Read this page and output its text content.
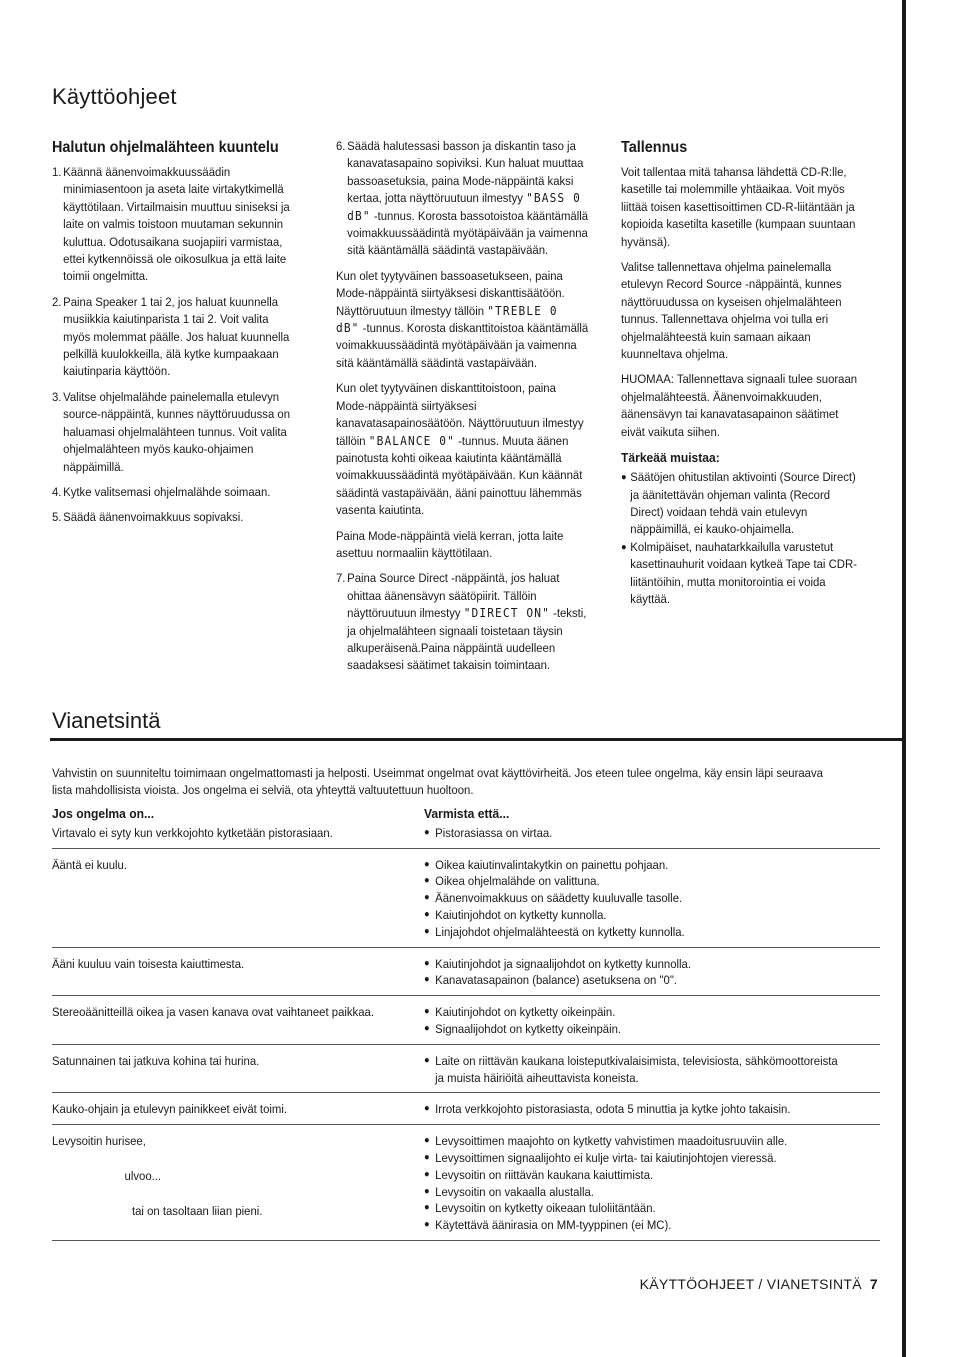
Käyttöohjeet
Halutun ohjelmalähteen kuuntelu
1. Käännä äänenvoimakkuussäädin minimiasentoon ja aseta laite virtakytkimellä käyttötilaan. Virtailmaisin muuttuu siniseksi ja laite on valmis toistoon muutaman sekunnin kuluttua. Odotusaikana suojapiiri varmistaa, ettei kytkennöissä ole oikosulkua ja että laite toimii ongelmitta.
2. Paina Speaker 1 tai 2, jos haluat kuunnella musiikkia kaiutinparista 1 tai 2. Voit valita myös molemmat päälle. Jos haluat kuunnella pelkillä kuulokkeilla, älä kytke kumpaakaan kaiutinparia käyttöön.
3. Valitse ohjelmalähde painelemalla etulevyn source-näppäintä, kunnes näyttöruudussa on haluamasi ohjelmalähteen tunnus. Voit valita ohjelmalähteen myös kauko-ohjaimen näppäimillä.
4. Kytke valitsemasi ohjelmalähde soimaan.
5. Säädä äänenvoimakkuus sopivaksi.
6. Säädä halutessasi basson ja diskantin taso ja kanavatasapaino sopiviksi. Kun haluat muuttaa bassoasetuksia, paina Mode-näppäintä kaksi kertaa, jotta näyttöruutuun ilmestyy "BASS 0 dB" -tunnus. Korosta bassotoistoa kääntämällä voimakkuussäädintä myötäpäivään ja vaimenna sitä kääntämällä säädintä vastapäivään.

Kun olet tyytyväinen bassoasetukseen, paina Mode-näppäintä siirtyäksesi diskanttisäätöön. Näyttöruutuun ilmestyy tällöin "TREBLE 0 dB" -tunnus. Korosta diskanttitoistoa kääntämällä voimakkuussäädintä myötäpäivään ja vaimenna sitä kääntämällä säädintä vastapäivään.

Kun olet tyytyväinen diskanttitoistoon, paina Mode-näppäintä siirtyäksesi kanavatasapainosäätöön. Näyttöruutuun ilmestyy tällöin "BALANCE 0" -tunnus. Muuta äänen painotusta kohti oikeaa kaiutinta kääntämällä voimakkuussäädintä myötäpäivään. Kun käännät säädintä vastapäivään, ääni painottuu lähemmäs vasenta kaiutinta.

Paina Mode-näppäintä vielä kerran, jotta laite asettuu normaaliin käyttötilaan.

7. Paina Source Direct -näppäintä, jos haluat ohittaa äänensävyn säätöpiirit. Tällöin näyttöruutuun ilmestyy "DIRECT ON" -teksti, ja ohjelmalähteen signaali toistetaan täysin alkuperäisenä.Paina näppäintä uudelleen saadaksesi säätimet takaisin toimintaan.
Tallennus

Voit tallentaa mitä tahansa lähdettä CD-R:lle, kasetille tai molemmille yhtäaikaa. Voit myös liittää toisen kasettisoittimen CD-R-liitäntään ja kopioida kasetilta kasetille (kumpaan suuntaan hyvänsä).

Valitse tallennettava ohjelma painelemalla etulevyn Record Source -näppäintä, kunnes näyttöruudussa on kyseisen ohjelmalähteen tunnus. Tallennettava ohjelma voi tulla eri ohjelmalähteestä kuin samaan aikaan kuunneltava ohjelma.

HUOMAA: Tallennettava signaali tulee suoraan ohjelmalähteestä. Äänenvoimakkuuden, äänensävyn tai kanavatasapainon säätimet eivät vaikuta siihen.

Tärkeää muistaa:
● Säätöjen ohitustilan aktivointi (Source Direct) ja äänitettävän ohjeman valinta (Record Direct) voidaan tehdä vain etulevyn näppäimillä, ei kauko-ohjaimella.
● Kolmipäiset, nauhatarkkailulla varustetut kasettinauhurit voidaan kytkeä Tape tai CDR-liitäntöihin, mutta monitorointia ei voida käyttää.
Vianetsintä
Vahvistin on suunniteltu toimimaan ongelmattomasti ja helposti. Useimmat ongelmat ovat käyttövirheitä. Jos eteen tulee ongelma, käy ensin läpi seuraava lista mahdollisista vioista. Jos ongelma ei selviä, ota yhteyttä valtuutettuun huoltoon.
Jos ongelma on...	Varmista että...
Virtavalo ei syty kun verkkojohto kytketään pistorasiaan.	● Pistorasiassa on virtaa.
Ääntä ei kuulu.	● Oikea kaiutinvalintakytkin on painettu pohjaan.
● Oikea ohjelmalähde on valittuna.
● Äänenvoimakkuus on säädetty kuuluvalle tasolle.
● Kaiutinjohdot on kytketty kunnolla.
● Linjajohdot ohjelmalähteestä on kytketty kunnolla.
Ääni kuuluu vain toisesta kaiuttimesta.	● Kaiutinjohdot ja signaalijohdot on kytketty kunnolla.
● Kanavatasapainon (balance) asetuksena on "0".
Stereoäänitteillä oikea ja vasen kanava ovat vaihtaneet paikkaa.	● Kaiutinjohdot on kytketty oikeinpäin.
● Signaalijohdot on kytketty oikeinpäin.
Satunnainen tai jatkuva kohina tai hurina.	● Laite on riittävän kaukana loisteputkivalaisimista, televisiosta, sähkömoottoreista ja muista häiriöitä aiheuttavista koneista.
Kauko-ohjain ja etulevyn painikkeet eivät toimi.	● Irrota verkkojohto pistorasiasta, odota 5 minuttia ja kytke johto takaisin.
Levysoitin hurisee,
ulvoo...
tai on tasoltaan liian pieni.
● Levysoittimen maajohto on kytketty vahvistimen maadoitusruuviin alle.
● Levysoittimen signaalijohto ei kulje virta- tai kaiutinjohtojen vieressä.
● Levysoitin on riittävän kaukana kaiuttimista.
● Levysoitin on vakaalla alustalla.
● Levysoitin on kytketty oikeaan tuloliitäntään.
● Käytettävä äänirasia on MM-tyyppinen (ei MC).
KÄYTTÖOHJEET / VIANETSINTÄ 7
